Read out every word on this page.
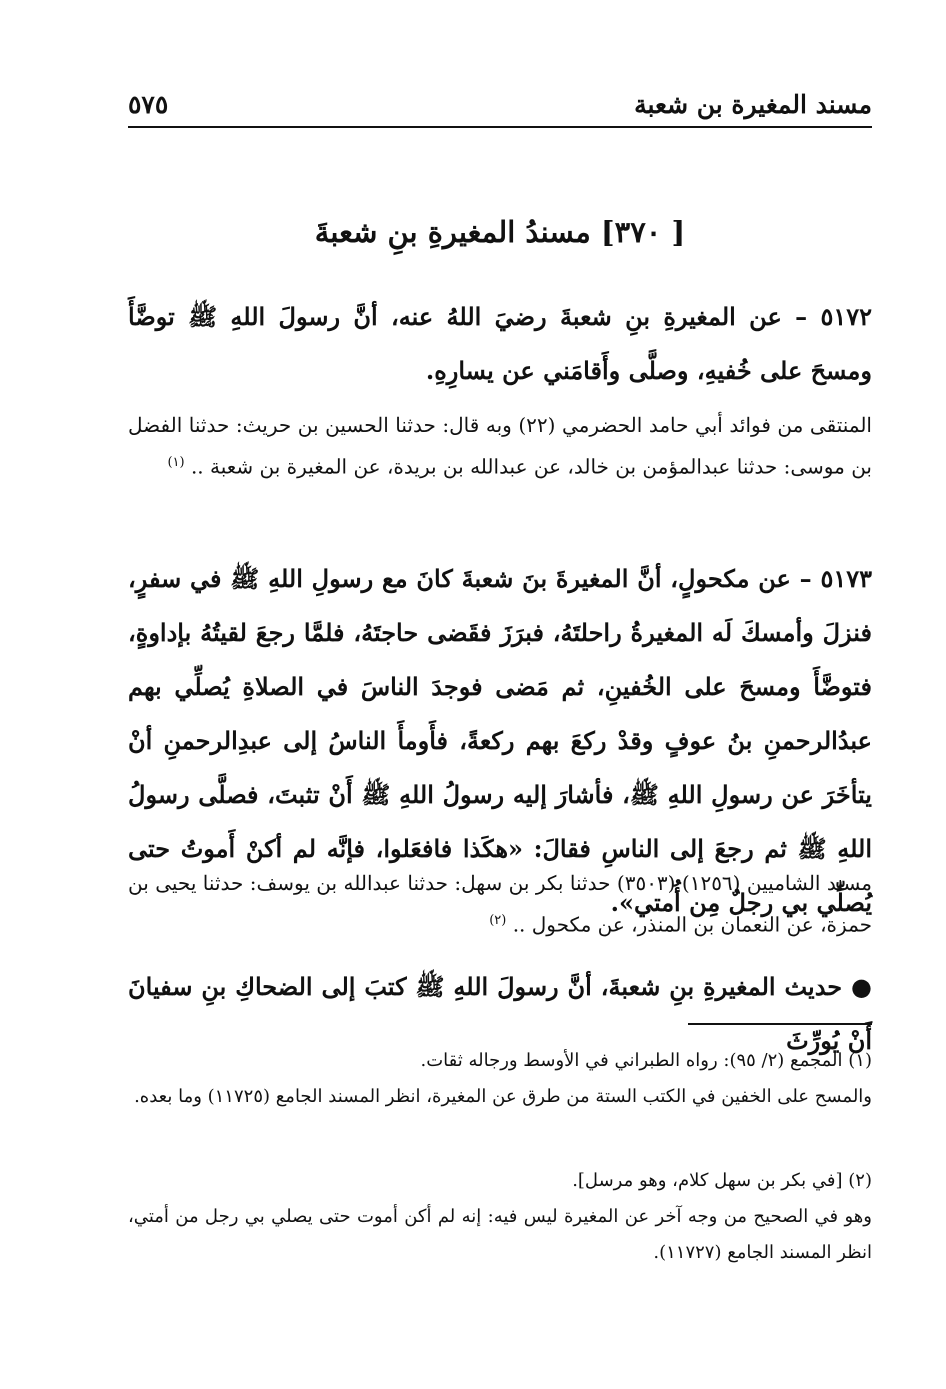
مسند المغيرة بن شعبة
٥٧٥
[ ٣٧٠] مسندُ المغيرةِ بنِ شعبةَ
٥١٧٢ – عن المغيرةِ بنِ شعبةَ رضيَ اللهُ عنه، أنَّ رسولَ اللهِ ﷺ توضَّأَ ومسحَ على خُفيهِ، وصلَّى وأَقامَني عن يسارِهِ.
المنتقى من فوائد أبي حامد الحضرمي (٢٢) وبه قال: حدثنا الحسين بن حريث: حدثنا الفضل بن موسى: حدثنا عبدالمؤمن بن خالد، عن عبدالله بن بريدة، عن المغيرة بن شعبة .. $^{(١)}$
٥١٧٣ – عن مكحولٍ، أنَّ المغيرةَ بنَ شعبةَ كانَ مع رسولِ اللهِ ﷺ في سفرٍ، فنزلَ وأمسكَ لَه المغيرةُ راحلتَهُ، فبرَزَ فقَضى حاجتَهُ، فلمَّا رجعَ لقيتُهُ بإداوةٍ، فتوضَّأَ ومسحَ على الخُفينِ، ثم مَضى فوجدَ الناسَ في الصلاةِ يُصلِّي بهم عبدُالرحمنِ بنُ عوفٍ وقدْ ركعَ بهم ركعةً، فأَومأَ الناسُ إلى عبدِالرحمنِ أنْ يتأخَرَ عن رسولِ اللهِ ﷺ، فأشارَ إليه رسولُ اللهِ ﷺ أَنْ تثبتَ، فصلَّى رسولُ اللهِ ﷺ ثم رجعَ إلى الناسِ فقالَ: «هكَذا فافعَلوا، فإنَّه لم أكنْ أَموتُ حتى يُصلِّي بي رجلٌ مِن أُمتي».
مسند الشاميين (١٢٥٦) (٣٥٠٣) حدثنا بكر بن سهل: حدثنا عبدالله بن يوسف: حدثنا يحيى بن حمزة، عن النعمان بن المنذر، عن مكحول .. $^{(٢)}$
● حديث المغيرةِ بنِ شعبةَ، أنَّ رسولَ اللهِ ﷺ كتبَ إلى الضحاكِ بنِ سفيانَ أَنْ يُورِّثَ
(١) المجمع (٢/ ٩٥): رواه الطبراني في الأوسط ورجاله ثقات.
والمسح على الخفين في الكتب الستة من طرق عن المغيرة، انظر المسند الجامع (١١٧٢٥) وما بعده.
(٢) [في بكر بن سهل كلام، وهو مرسل].
وهو في الصحيح من وجه آخر عن المغيرة ليس فيه: إنه لم أكن أموت حتى يصلي بي رجل من أمتي، انظر المسند الجامع (١١٧٢٧).
